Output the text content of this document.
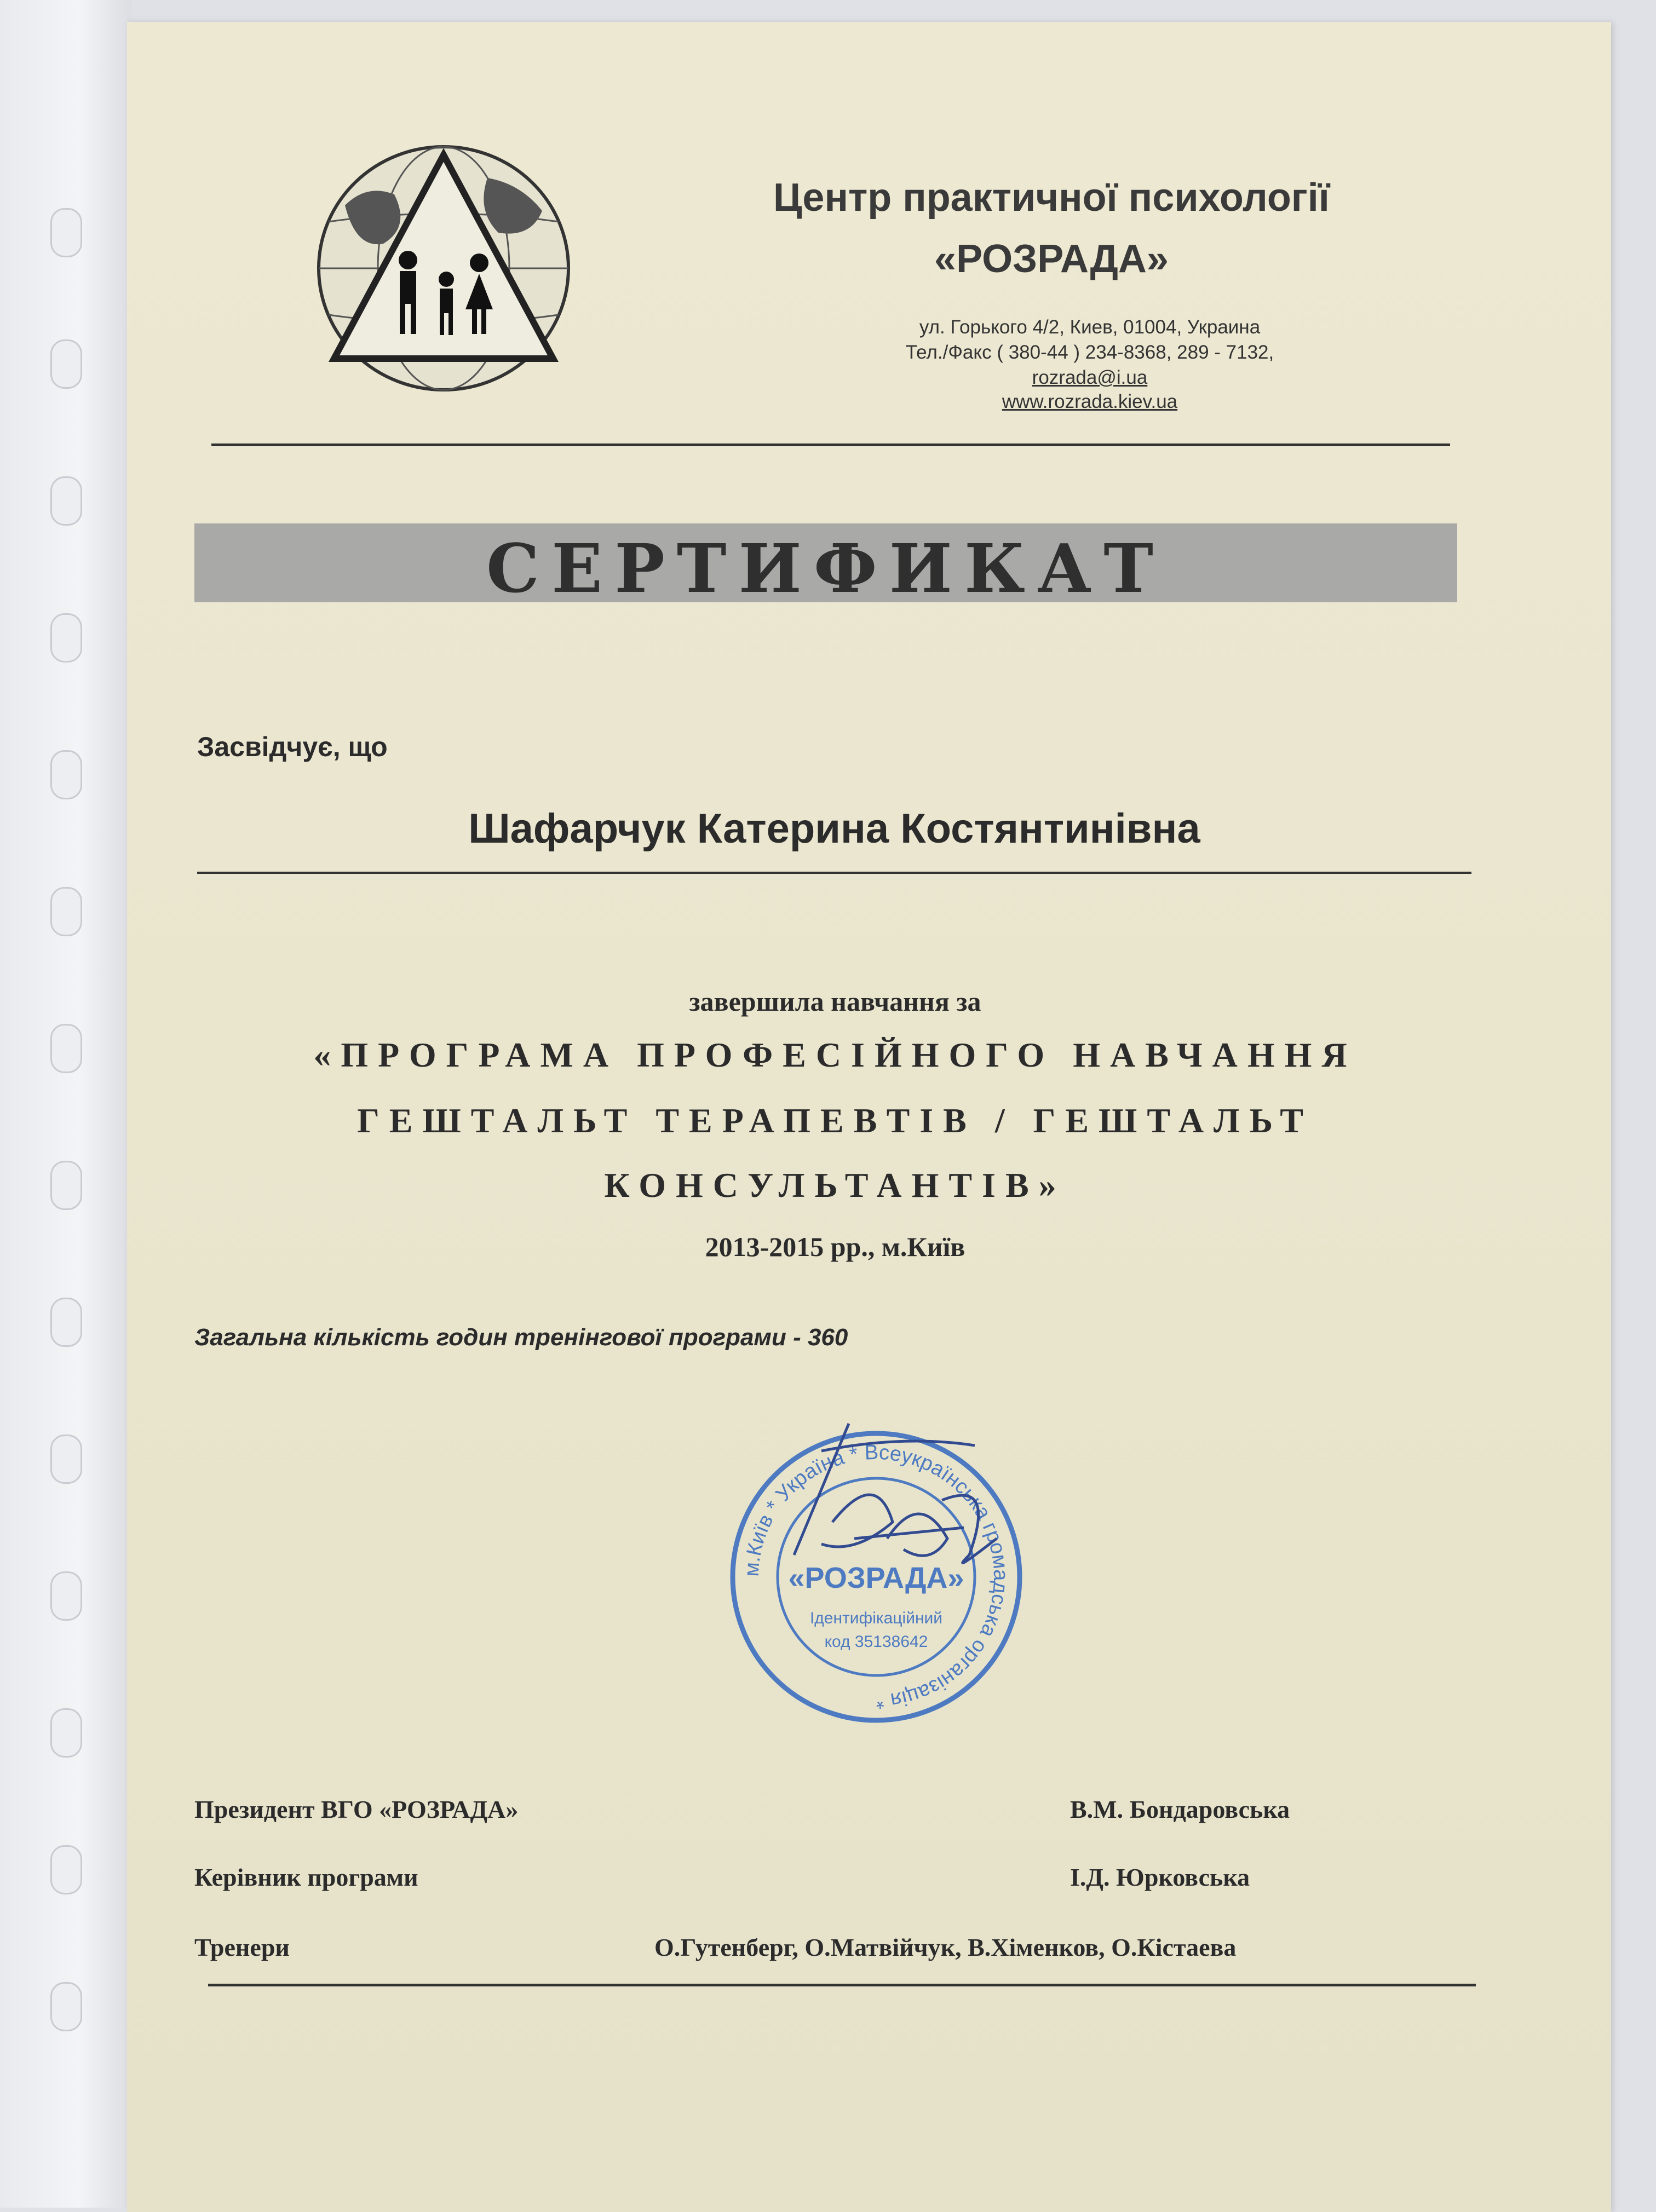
Центр практичної психології
«РОЗРАДА»
ул. Горького 4/2, Киев, 01004, Украина
Тел./Факс ( 380-44 ) 234-8368, 289 - 7132,
rozrada@i.ua
www.rozrada.kiev.ua
СЕРТИФИКАТ
Засвідчує, що
Шафарчук Катерина Костянтинівна
завершила навчання за
«ПРОГРАМА ПРОФЕСІЙНОГО НАВЧАННЯ
ГЕШТАЛЬТ ТЕРАПЕВТІВ / ГЕШТАЛЬТ
КОНСУЛЬТАНТІВ»
2013-2015 рр., м.Київ
Загальна кількість годин тренінгової програми - 360
м.Київ * Україна * Всеукраїнська громадська організація *
«РОЗРАДА»
Ідентифікаційний
код 35138642
Президент ВГО «РОЗРАДА»	В.М. Бондаровська
Керівник програми	І.Д. Юрковська
Тренери	О.Гутенберг, О.Матвійчук, В.Хіменков, О.Кістаева
